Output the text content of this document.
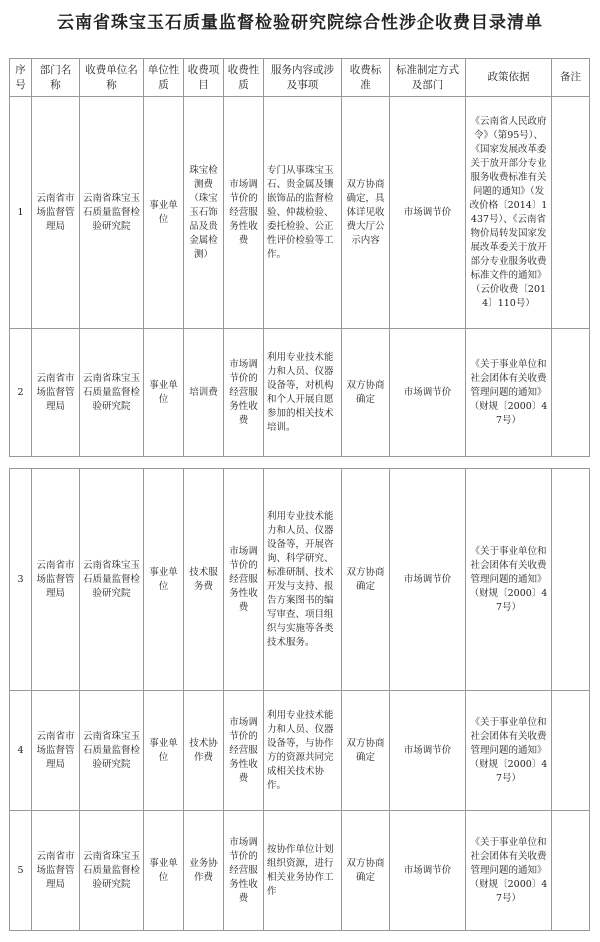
云南省珠宝玉石质量监督检验研究院综合性涉企收费目录清单
序号	部门名称	收费单位名称	单位性质	收费项目	收费性质	服务内容或涉及事项	收费标准	标准制定方式及部门	政策依据	备注
1	云南省市场监督管理局	云南省珠宝玉石质量监督检验研究院	事业单位	珠宝检测费（珠宝玉石饰品及贵金属检测）	市场调节价的经营服务性收费	专门从事珠宝玉石、贵金属及镶嵌饰品的监督检验、仲裁检验、委托检验、公正性评价检验等工作。	双方协商确定，具体详见收费大厅公示内容	市场调节价	《云南省人民政府令》（第95号）、《国家发展改革委关于放开部分专业服务收费标准有关问题的通知》（发改价格〔2014〕1437号）、《云南省物价局转发国家发展改革委关于放开部分专业服务收费标准文件的通知》（云价收费〔2014〕110号）	
2	云南省市场监督管理局	云南省珠宝玉石质量监督检验研究院	事业单位	培训费	市场调节价的经营服务性收费	利用专业技术能力和人员、仪器设备等，对机构和个人开展自愿参加的相关技术培训。	双方协商确定	市场调节价	《关于事业单位和社会团体有关收费管理问题的通知》（财规〔2000〕47号）	
3	云南省市场监督管理局	云南省珠宝玉石质量监督检验研究院	事业单位	技术服务费	市场调节价的经营服务性收费	利用专业技术能力和人员、仪器设备等，开展咨询、科学研究、标准研制、技术开发与支持、报告方案图书的编写审查、项目组织与实施等各类技术服务。	双方协商确定	市场调节价	《关于事业单位和社会团体有关收费管理问题的通知》（财规〔2000〕47号）	
4	云南省市场监督管理局	云南省珠宝玉石质量监督检验研究院	事业单位	技术协作费	市场调节价的经营服务性收费	利用专业技术能力和人员、仪器设备等，与协作方的资源共同完成相关技术协作。	双方协商确定	市场调节价	《关于事业单位和社会团体有关收费管理问题的通知》（财规〔2000〕47号）	
5	云南省市场监督管理局	云南省珠宝玉石质量监督检验研究院	事业单位	业务协作费	市场调节价的经营服务性收费	按协作单位计划组织资源，进行相关业务协作工作	双方协商确定	市场调节价	《关于事业单位和社会团体有关收费管理问题的通知》（财规〔2000〕47号）	
